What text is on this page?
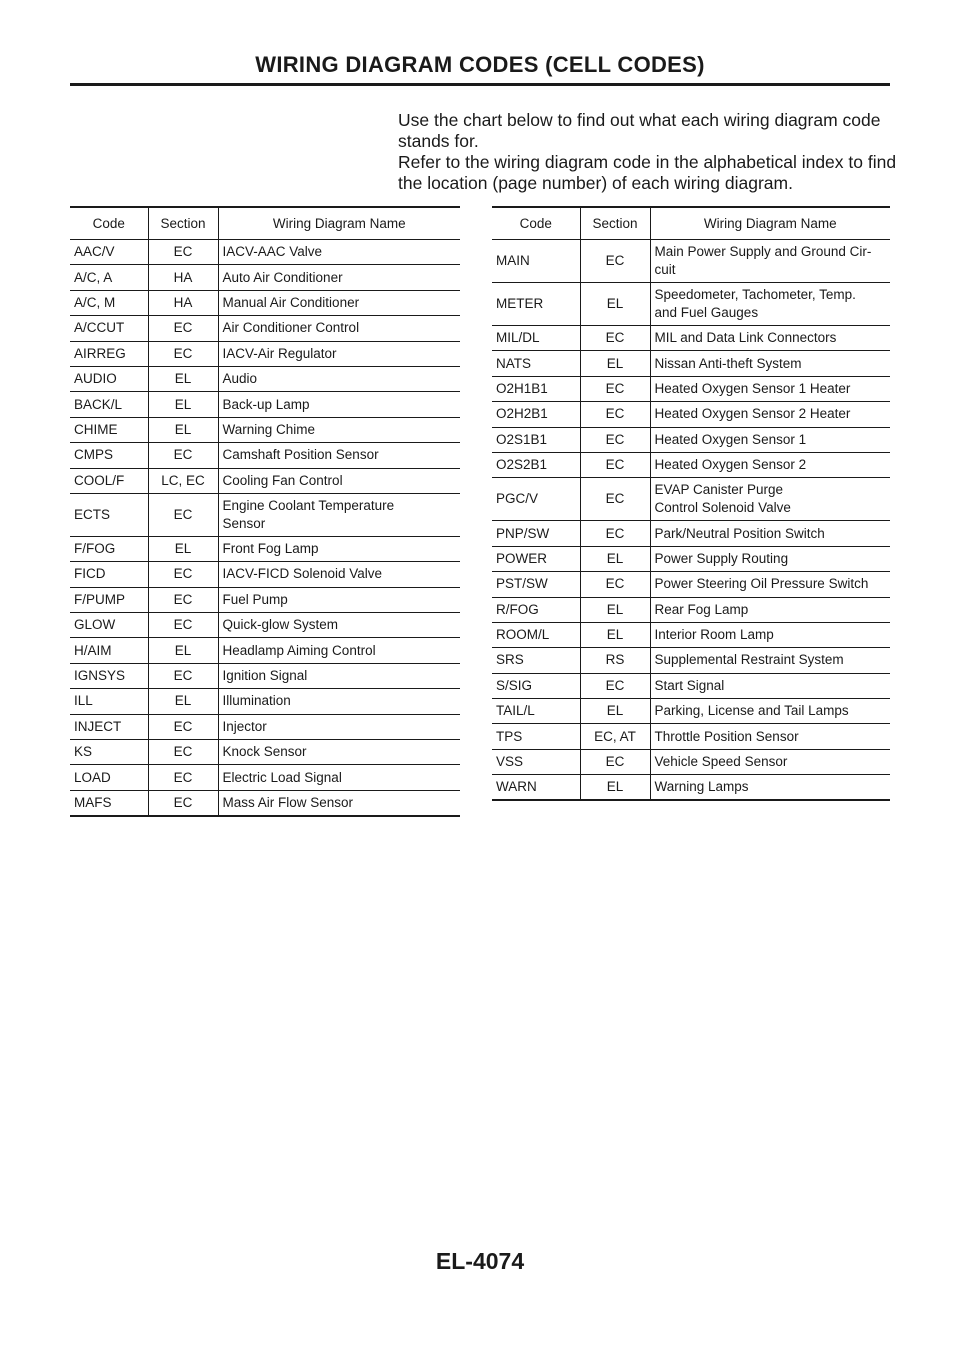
WIRING DIAGRAM CODES (CELL CODES)
Use the chart below to find out what each wiring diagram code
stands for.
Refer to the wiring diagram code in the alphabetical index to find
the location (page number) of each wiring diagram.
Code	Section	Wiring Diagram Name
AAC/V	EC	IACV-AAC Valve
A/C, A	HA	Auto Air Conditioner
A/C, M	HA	Manual Air Conditioner
A/CCUT	EC	Air Conditioner Control
AIRREG	EC	IACV-Air Regulator
AUDIO	EL	Audio
BACK/L	EL	Back-up Lamp
CHIME	EL	Warning Chime
CMPS	EC	Camshaft Position Sensor
COOL/F	LC, EC	Cooling Fan Control
ECTS	EC	Engine Coolant Temperature
Sensor
F/FOG	EL	Front Fog Lamp
FICD	EC	IACV-FICD Solenoid Valve
F/PUMP	EC	Fuel Pump
GLOW	EC	Quick-glow System
H/AIM	EL	Headlamp Aiming Control
IGNSYS	EC	Ignition Signal
ILL	EL	Illumination
INJECT	EC	Injector
KS	EC	Knock Sensor
LOAD	EC	Electric Load Signal
MAFS	EC	Mass Air Flow Sensor
Code	Section	Wiring Diagram Name
MAIN	EC	Main Power Supply and Ground Cir-
cuit
METER	EL	Speedometer, Tachometer, Temp.
and Fuel Gauges
MIL/DL	EC	MIL and Data Link Connectors
NATS	EL	Nissan Anti-theft System
O2H1B1	EC	Heated Oxygen Sensor 1 Heater
O2H2B1	EC	Heated Oxygen Sensor 2 Heater
O2S1B1	EC	Heated Oxygen Sensor 1
O2S2B1	EC	Heated Oxygen Sensor 2
PGC/V	EC	EVAP Canister Purge
Control Solenoid Valve
PNP/SW	EC	Park/Neutral Position Switch
POWER	EL	Power Supply Routing
PST/SW	EC	Power Steering Oil Pressure Switch
R/FOG	EL	Rear Fog Lamp
ROOM/L	EL	Interior Room Lamp
SRS	RS	Supplemental Restraint System
S/SIG	EC	Start Signal
TAIL/L	EL	Parking, License and Tail Lamps
TPS	EC, AT	Throttle Position Sensor
VSS	EC	Vehicle Speed Sensor
WARN	EL	Warning Lamps
EL-4074
